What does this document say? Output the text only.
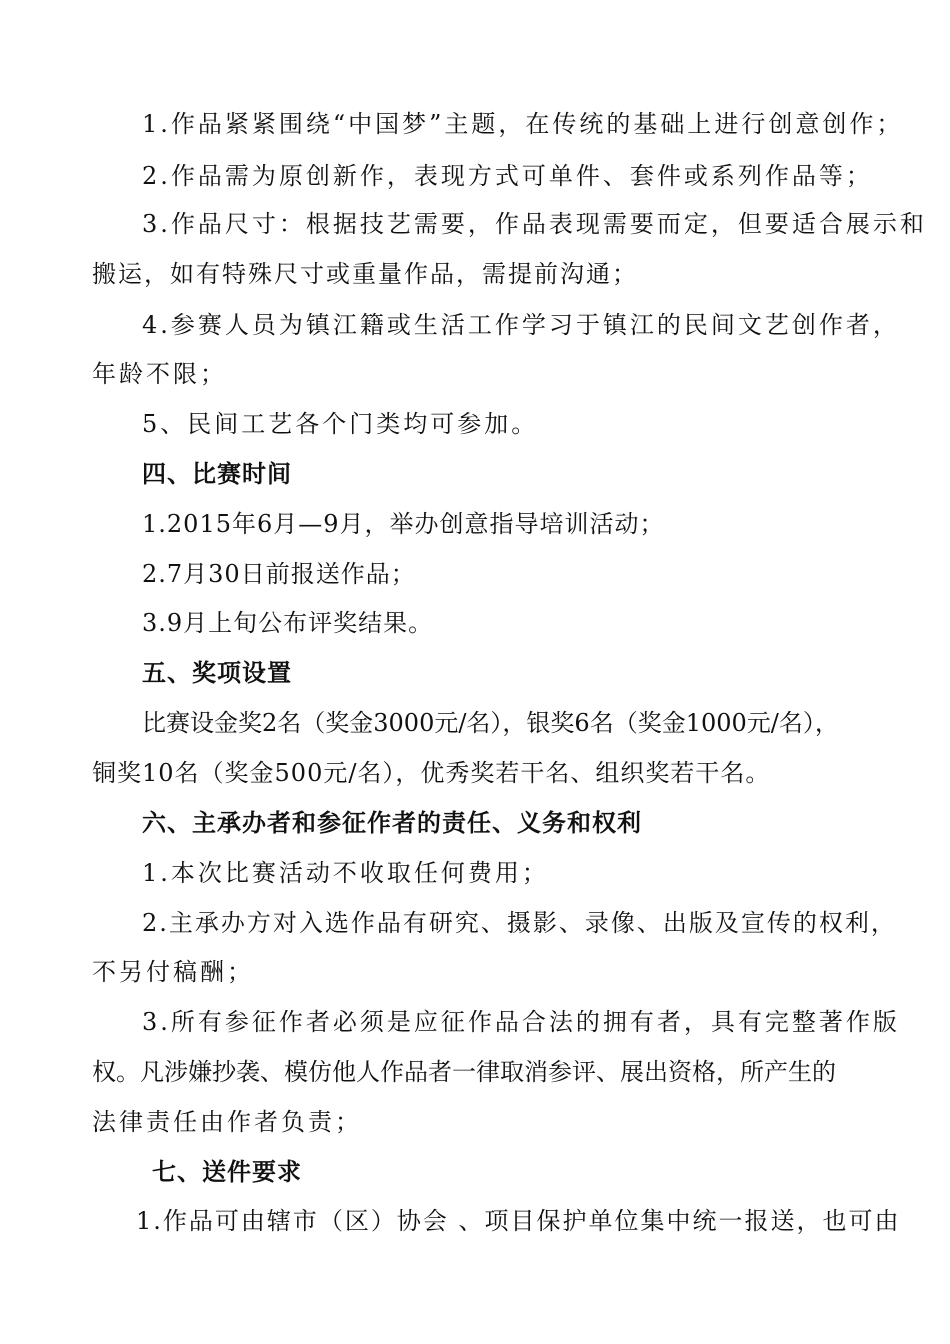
1.作品紧紧围绕“中国梦”主题，在传统的基础上进行创意创作；
2.作品需为原创新作，表现方式可单件、套件或系列作品等；
3.作品尺寸：根据技艺需要，作品表现需要而定，但要适合展示和
搬运，如有特殊尺寸或重量作品，需提前沟通；
4.参赛人员为镇江籍或生活工作学习于镇江的民间文艺创作者，
年龄不限；
5、民间工艺各个门类均可参加。
四、比赛时间
1.2015年6月—9月，举办创意指导培训活动；
2.7月30日前报送作品；
3.9月上旬公布评奖结果。
五、奖项设置
比赛设金奖2名（奖金3000元/名），银奖6名（奖金1000元/名），
铜奖10名（奖金500元/名），优秀奖若干名、组织奖若干名。
六、主承办者和参征作者的责任、义务和权利
1.本次比赛活动不收取任何费用；
2.主承办方对入选作品有研究、摄影、录像、出版及宣传的权利，
不另付稿酬；
3.所有参征作者必须是应征作品合法的拥有者，具有完整著作版
权。凡涉嫌抄袭、模仿他人作品者一律取消参评、展出资格，所产生的
法律责任由作者负责；
七、送件要求
1.作品可由辖市（区）协会 、项目保护单位集中统一报送，也可由
